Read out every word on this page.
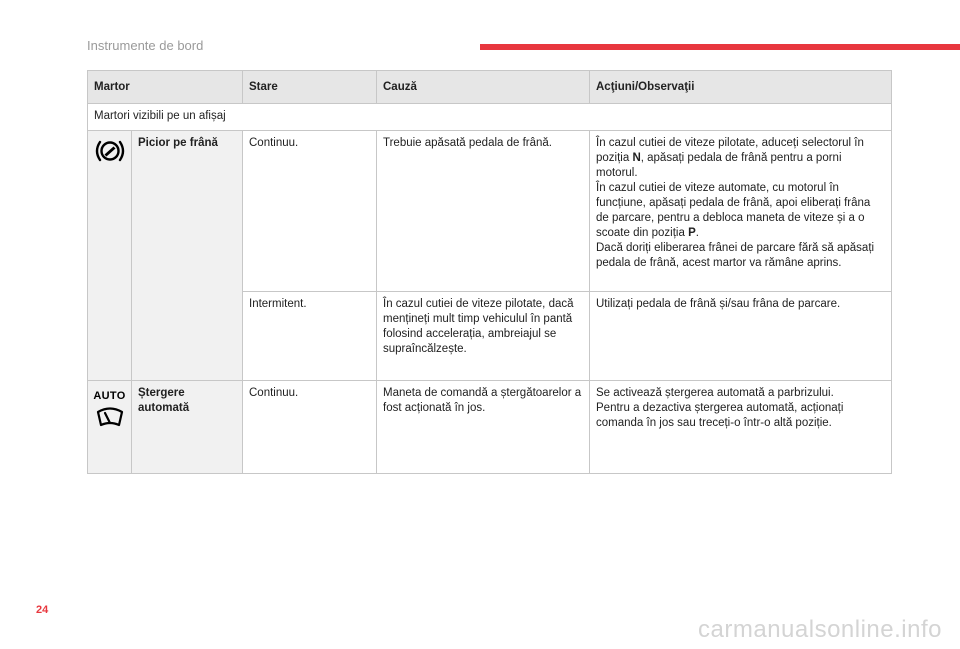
Instrumente de bord
Martor		Stare	Cauză	Acţiuni/Observaţii
Martori vizibili pe un afișaj				

	Picior pe frână	Continuu.	Trebuie apăsată pedala de frână.	În cazul cutiei de viteze pilotate, aduceți selectorul în poziția N, apăsați pedala de frână pentru a porni motorul.
În cazul cutiei de viteze automate, cu motorul în funcțiune, apăsați pedala de frână, apoi eliberați frâna de parcare, pentru a debloca maneta de viteze și a o scoate din poziția P.
Dacă doriți eliberarea frânei de parcare fără să apăsați pedala de frână, acest martor va rămâne aprins.
		Intermitent.	În cazul cutiei de viteze pilotate, dacă mențineți mult timp vehiculul în pantă folosind accelerația, ambreiajul se supraîncălzește.	Utilizați pedala de frână și/sau frâna de parcare.

AUTO	Ștergere automată	Continuu.	Maneta de comandă a ștergătoarelor a fost acționată în jos.	Se activează ștergerea automată a parbrizului.
Pentru a dezactiva ștergerea automată, acționați comanda în jos sau treceți-o într-o altă poziție.
24
carmanualsonline.info
